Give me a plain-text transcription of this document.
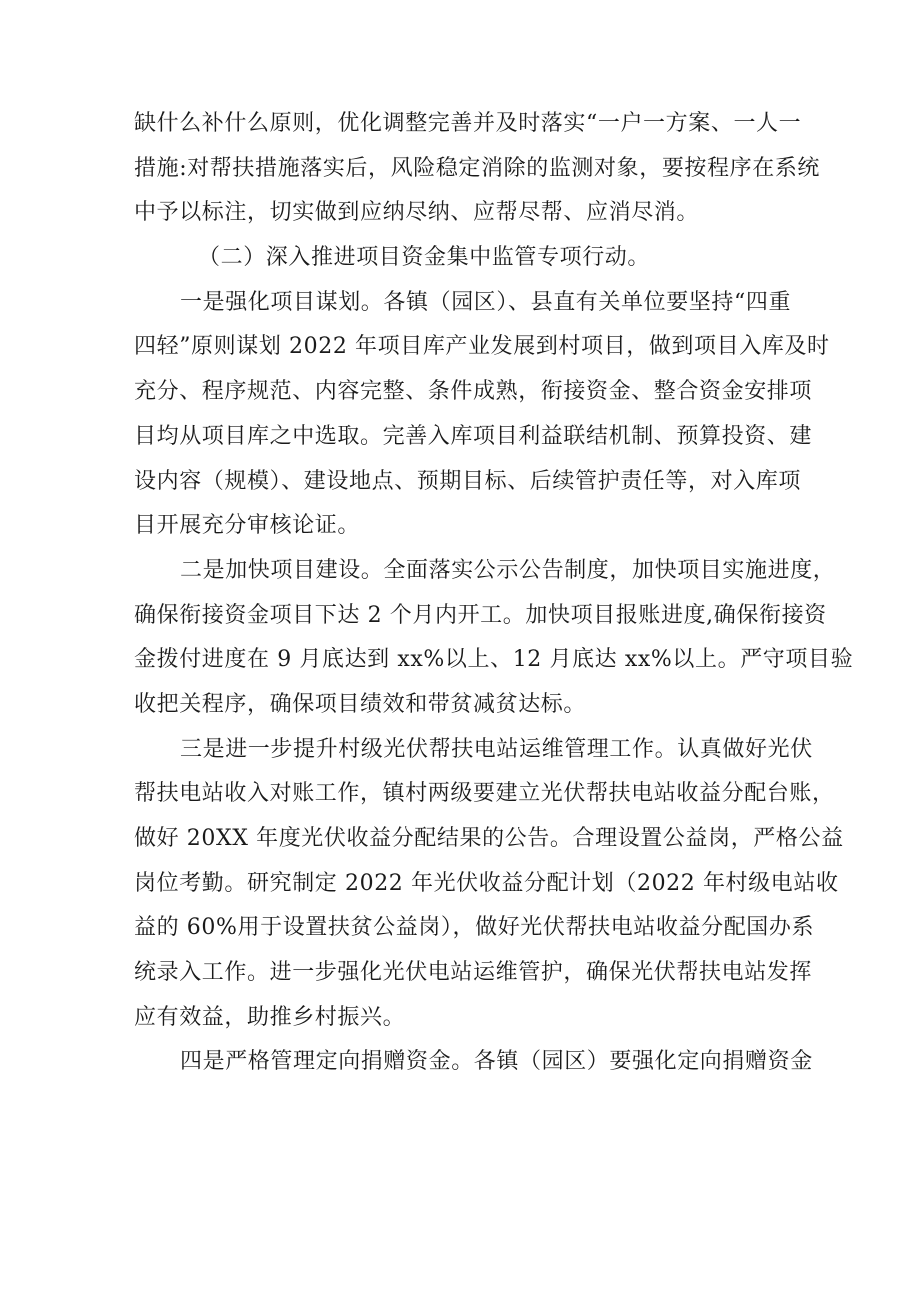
缺什么补什么原则，优化调整完善并及时落实“一户一方案、一人一
措施:对帮扶措施落实后，风险稳定消除的监测对象，要按程序在系统
中予以标注，切实做到应纳尽纳、应帮尽帮、应消尽消。
（二）深入推进项目资金集中监管专项行动。
一是强化项目谋划。各镇（园区）、县直有关单位要坚持“四重
四轻”原则谋划 2022 年项目库产业发展到村项目，做到项目入库及时
充分、程序规范、内容完整、条件成熟，衔接资金、整合资金安排项
目均从项目库之中选取。完善入库项目利益联结机制、预算投资、建
设内容（规模）、建设地点、预期目标、后续管护责任等，对入库项
目开展充分审核论证。
二是加快项目建设。全面落实公示公告制度，加快项目实施进度，
确保衔接资金项目下达 2 个月内开工。加快项目报账进度,确保衔接资
金拨付进度在 9 月底达到 xx%以上、12 月底达 xx%以上。严守项目验
收把关程序，确保项目绩效和带贫减贫达标。
三是进一步提升村级光伏帮扶电站运维管理工作。认真做好光伏
帮扶电站收入对账工作，镇村两级要建立光伏帮扶电站收益分配台账，
做好 20XX 年度光伏收益分配结果的公告。合理设置公益岗，严格公益
岗位考勤。研究制定 2022 年光伏收益分配计划（2022 年村级电站收
益的 60%用于设置扶贫公益岗），做好光伏帮扶电站收益分配国办系
统录入工作。进一步强化光伏电站运维管护，确保光伏帮扶电站发挥
应有效益，助推乡村振兴。
四是严格管理定向捐赠资金。各镇（园区）要强化定向捐赠资金
